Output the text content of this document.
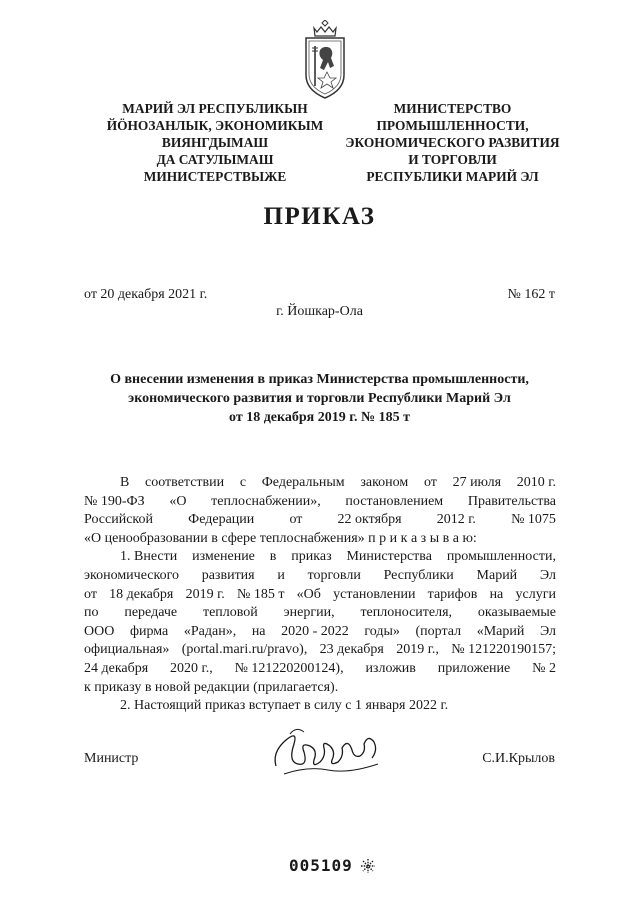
МАРИЙ ЭЛ РЕСПУБЛИКЫН
ЙӦНОЗАНЛЫК, ЭКОНОМИКЫМ
ВИЯНГДЫМАШ
ДА САТУЛЫМАШ
МИНИСТЕРСТВЫЖЕ
МИНИСТЕРСТВО
ПРОМЫШЛЕННОСТИ,
ЭКОНОМИЧЕСКОГО РАЗВИТИЯ
И ТОРГОВЛИ
РЕСПУБЛИКИ МАРИЙ ЭЛ
ПРИКАЗ
от 20 декабря 2021 г.	№ 162 т
г. Йошкар-Ола
О внесении изменения в приказ Министерства промышленности,
экономического развития и торговли Республики Марий Эл
от 18 декабря 2019 г. № 185 т
В соответствии с Федеральным законом от 27 июля 2010 г.
№ 190-ФЗ «О теплоснабжении», постановлением Правительства
Российской	Федерации	от	22 октября	2012 г.	№ 1075
«О ценообразовании в сфере теплоснабжения» п р и к а з ы в а ю:
1. Внести изменение в приказ Министерства промышленности,
экономического развития и торговли Республики Марий Эл
от 18 декабря 2019 г. № 185 т «Об установлении тарифов на услуги
по передаче тепловой энергии, теплоносителя, оказываемые
ООО фирма «Радан», на 2020 - 2022 годы» (портал «Марий Эл
официальная» (portal.mari.ru/pravo), 23 декабря 2019 г., № 121220190157;
24 декабря 2020 г., № 121220200124), изложив приложение № 2
к приказу в новой редакции (прилагается).
2. Настоящий приказ вступает в силу с 1 января 2022 г.
Министр	С.И.Крылов
005109
